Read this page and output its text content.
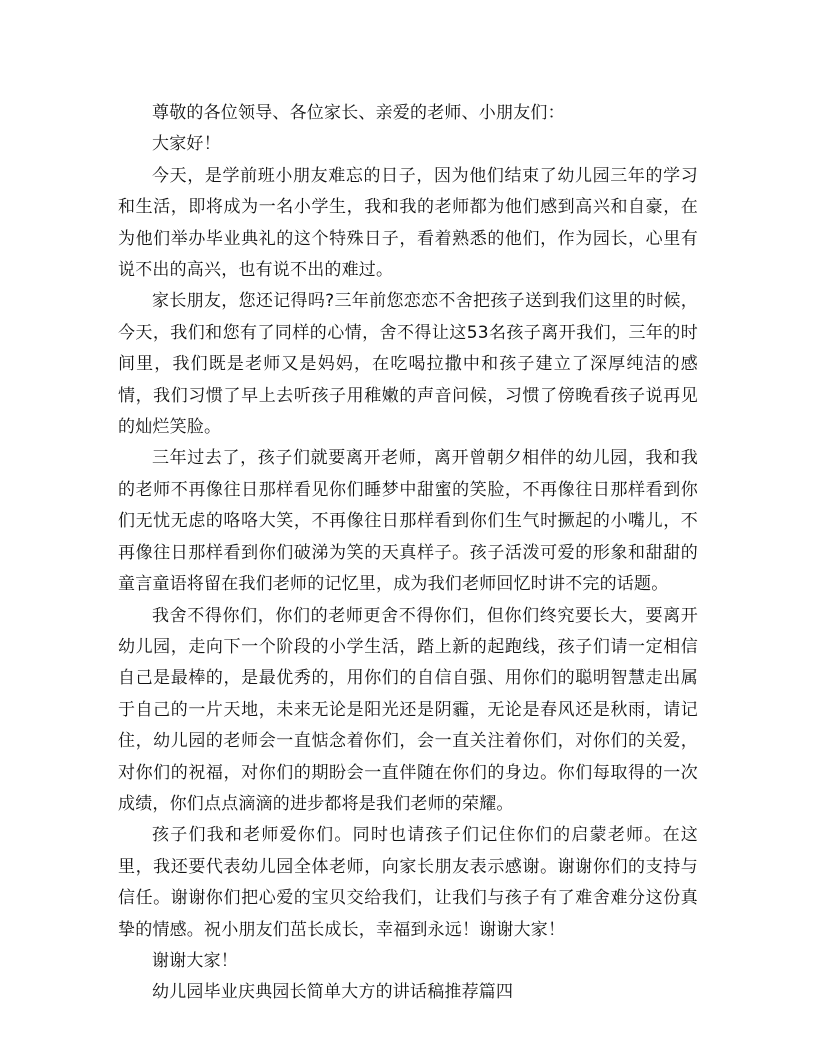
尊敬的各位领导、各位家长、亲爱的老师、小朋友们：

大家好！

今天，是学前班小朋友难忘的日子，因为他们结束了幼儿园三年的学习和生活，即将成为一名小学生，我和我的老师都为他们感到高兴和自豪，在为他们举办毕业典礼的这个特殊日子，看着熟悉的他们，作为园长，心里有说不出的高兴，也有说不出的难过。

家长朋友，您还记得吗?三年前您恋恋不舍把孩子送到我们这里的时候，今天，我们和您有了同样的心情，舍不得让这53名孩子离开我们，三年的时间里，我们既是老师又是妈妈，在吃喝拉撒中和孩子建立了深厚纯洁的感情，我们习惯了早上去听孩子用稚嫩的声音问候，习惯了傍晚看孩子说再见的灿烂笑脸。

三年过去了，孩子们就要离开老师，离开曾朝夕相伴的幼儿园，我和我的老师不再像往日那样看见你们睡梦中甜蜜的笑脸，不再像往日那样看到你们无忧无虑的咯咯大笑，不再像往日那样看到你们生气时撅起的小嘴儿，不再像往日那样看到你们破涕为笑的天真样子。孩子活泼可爱的形象和甜甜的童言童语将留在我们老师的记忆里，成为我们老师回忆时讲不完的话题。

我舍不得你们，你们的老师更舍不得你们，但你们终究要长大，要离开幼儿园，走向下一个阶段的小学生活，踏上新的起跑线，孩子们请一定相信自己是最棒的，是最优秀的，用你们的自信自强、用你们的聪明智慧走出属于自己的一片天地，未来无论是阳光还是阴霾，无论是春风还是秋雨，请记住，幼儿园的老师会一直惦念着你们，会一直关注着你们，对你们的关爱，对你们的祝福，对你们的期盼会一直伴随在你们的身边。你们每取得的一次成绩，你们点点滴滴的进步都将是我们老师的荣耀。

孩子们我和老师爱你们。同时也请孩子们记住你们的启蒙老师。在这里，我还要代表幼儿园全体老师，向家长朋友表示感谢。谢谢你们的支持与信任。谢谢你们把心爱的宝贝交给我们，让我们与孩子有了难舍难分这份真挚的情感。祝小朋友们茁长成长，幸福到永远！谢谢大家！

谢谢大家！

幼儿园毕业庆典园长简单大方的讲话稿推荐篇四
